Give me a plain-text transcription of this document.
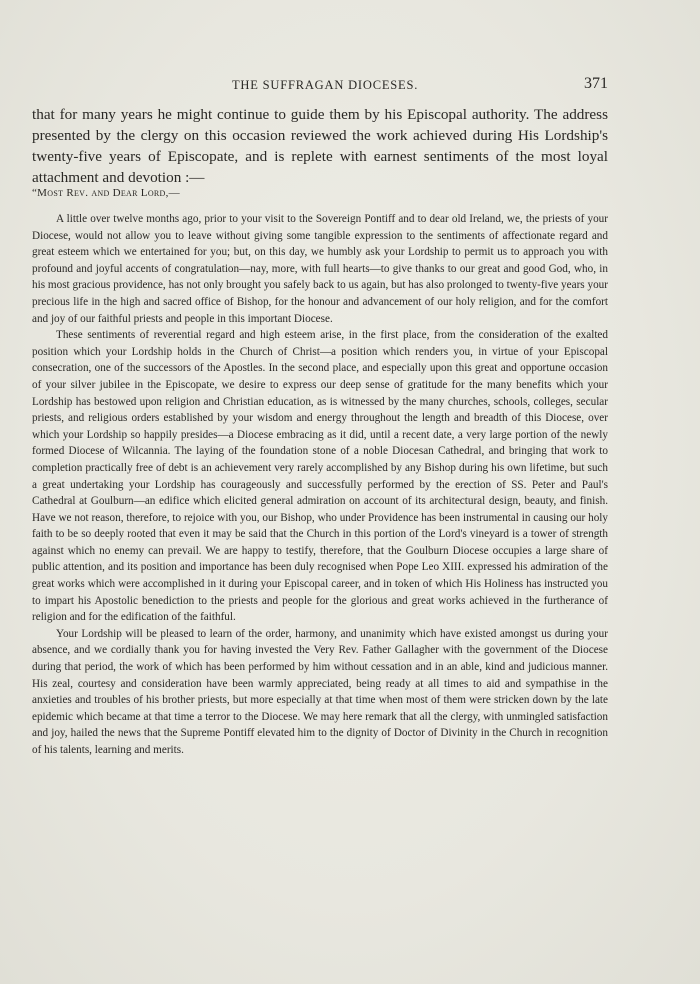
THE SUFFRAGAN DIOCESES.	371

that for many years he might continue to guide them by his Episcopal authority. The address presented by the clergy on this occasion reviewed the work achieved during His Lordship's twenty-five years of Episcopate, and is replete with earnest sentiments of the most loyal attachment and devotion :—

“Most Rev. and Dear Lord,—

A little over twelve months ago, prior to your visit to the Sovereign Pontiff and to dear old Ireland, we, the priests of your Diocese, would not allow you to leave without giving some tangible expression to the sentiments of affectionate regard and great esteem which we entertained for you; but, on this day, we humbly ask your Lordship to permit us to approach you with profound and joyful accents of congratulation—nay, more, with full hearts—to give thanks to our great and good God, who, in his most gracious providence, has not only brought you safely back to us again, but has also prolonged to twenty-five years your precious life in the high and sacred office of Bishop, for the honour and advancement of our holy religion, and for the comfort and joy of our faithful priests and people in this important Diocese.

These sentiments of reverential regard and high esteem arise, in the first place, from the consideration of the exalted position which your Lordship holds in the Church of Christ—a position which renders you, in virtue of your Episcopal consecration, one of the successors of the Apostles. In the second place, and especially upon this great and opportune occasion of your silver jubilee in the Episcopate, we desire to express our deep sense of gratitude for the many benefits which your Lordship has bestowed upon religion and Christian education, as is witnessed by the many churches, schools, colleges, secular priests, and religious orders established by your wisdom and energy throughout the length and breadth of this Diocese, over which your Lordship so happily presides—a Diocese embracing as it did, until a recent date, a very large portion of the newly formed Diocese of Wilcannia. The laying of the foundation stone of a noble Diocesan Cathedral, and bringing that work to completion practically free of debt is an achievement very rarely accomplished by any Bishop during his own lifetime, but such a great undertaking your Lordship has courageously and successfully performed by the erection of SS. Peter and Paul's Cathedral at Goulburn—an edifice which elicited general admiration on account of its architectural design, beauty, and finish. Have we not reason, therefore, to rejoice with you, our Bishop, who under Providence has been instrumental in causing our holy faith to be so deeply rooted that even it may be said that the Church in this portion of the Lord's vineyard is a tower of strength against which no enemy can prevail. We are happy to testify, therefore, that the Goulburn Diocese occupies a large share of public attention, and its position and importance has been duly recognised when Pope Leo XIII. expressed his admiration of the great works which were accomplished in it during your Episcopal career, and in token of which His Holiness has instructed you to impart his Apostolic benediction to the priests and people for the glorious and great works achieved in the furtherance of religion and for the edification of the faithful.

Your Lordship will be pleased to learn of the order, harmony, and unanimity which have existed amongst us during your absence, and we cordially thank you for having invested the Very Rev. Father Gallagher with the government of the Diocese during that period, the work of which has been performed by him without cessation and in an able, kind and judicious manner. His zeal, courtesy and consideration have been warmly appreciated, being ready at all times to aid and sympathise in the anxieties and troubles of his brother priests, but more especially at that time when most of them were stricken down by the late epidemic which became at that time a terror to the Diocese. We may here remark that all the clergy, with unmingled satisfaction and joy, hailed the news that the Supreme Pontiff elevated him to the dignity of Doctor of Divinity in the Church in recognition of his talents, learning and merits.
